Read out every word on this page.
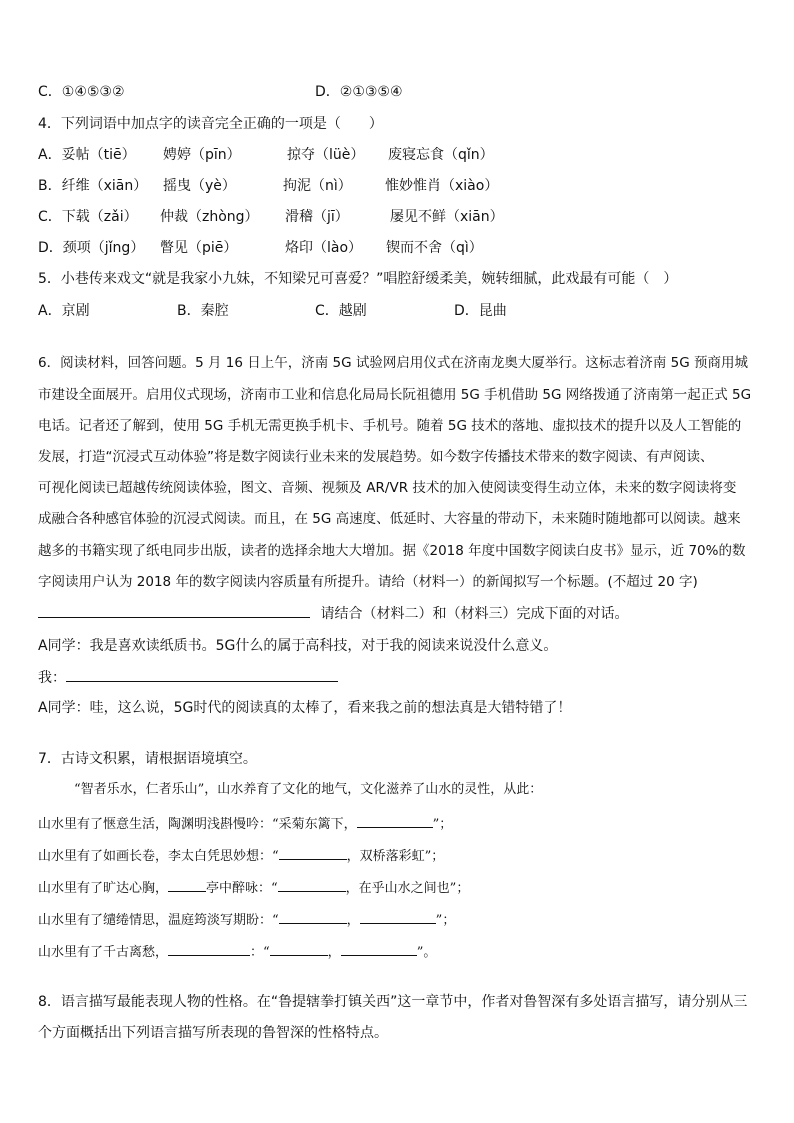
C．①④⑤③②	D．②①③⑤④
4．下列词语中加点字的读音完全正确的一项是（　　）
A．妥帖（tiē） 娉婷（pīn）	掠夺（lüè） 废寝忘食（qǐn）
B．纤维（xiān） 摇曳（yè）	拘泥（nì） 惟妙惟肖（xiào）
C．下载（zǎi） 仲裁（zhòng） 滑稽（jī）	屡见不鲜（xiān）
D．颈项（jǐng） 瞥见（piē）	烙印（lào） 锲而不舍（qì）
5．小巷传来戏文“就是我家小九妹，不知梁兄可喜爱？”唱腔舒缓柔美，婉转细腻，此戏最有可能（　）
A．京剧	B．秦腔	C．越剧	D．昆曲
6．阅读材料，回答问题。5 月 16 日上午，济南 5G 试验网启用仪式在济南龙奥大厦举行。这标志着济南 5G 预商用城
市建设全面展开。启用仪式现场，济南市工业和信息化局局长阮祖德用 5G 手机借助 5G 网络拨通了济南第一起正式 5G
电话。记者还了解到，使用 5G 手机无需更换手机卡、手机号。随着 5G 技术的落地、虚拟技术的提升以及人工智能的
发展，打造“沉浸式互动体验”将是数字阅读行业未来的发展趋势。如今数字传播技术带来的数字阅读、有声阅读、
可视化阅读已超越传统阅读体验，图文、音频、视频及 AR/VR 技术的加入使阅读变得生动立体，未来的数字阅读将变
成融合各种感官体验的沉浸式阅读。而且，在 5G 高速度、低延时、大容量的带动下，未来随时随地都可以阅读。越来
越多的书籍实现了纸电同步出版，读者的选择余地大大增加。据《2018 年度中国数字阅读白皮书》显示，近 70%的数
字阅读用户认为 2018 年的数字阅读内容质量有所提升。请给（材料一）的新闻拟写一个标题。(不超过 20 字)
请结合（材料二）和（材料三）完成下面的对话。
A同学：我是喜欢读纸质书。5G什么的属于高科技，对于我的阅读来说没什么意义。
我：
A同学：哇，这么说，5G时代的阅读真的太棒了，看来我之前的想法真是大错特错了！
7．古诗文积累，请根据语境填空。
“智者乐水，仁者乐山”，山水养育了文化的地气，文化滋养了山水的灵性，从此：
山水里有了惬意生活，陶渊明浅斟慢吟：“采菊东篱下，	”；
山水里有了如画长卷，李太白凭思妙想：“	，双桥落彩虹”；
山水里有了旷达心胸，	亭中醉咏：“	，在乎山水之间也”；
山水里有了缱绻情思，温庭筠淡写期盼：“	，	”；
山水里有了千古离愁，	：“	，	”。
8．语言描写最能表现人物的性格。在“鲁提辖拳打镇关西”这一章节中，作者对鲁智深有多处语言描写，请分别从三
个方面概括出下列语言描写所表现的鲁智深的性格特点。
